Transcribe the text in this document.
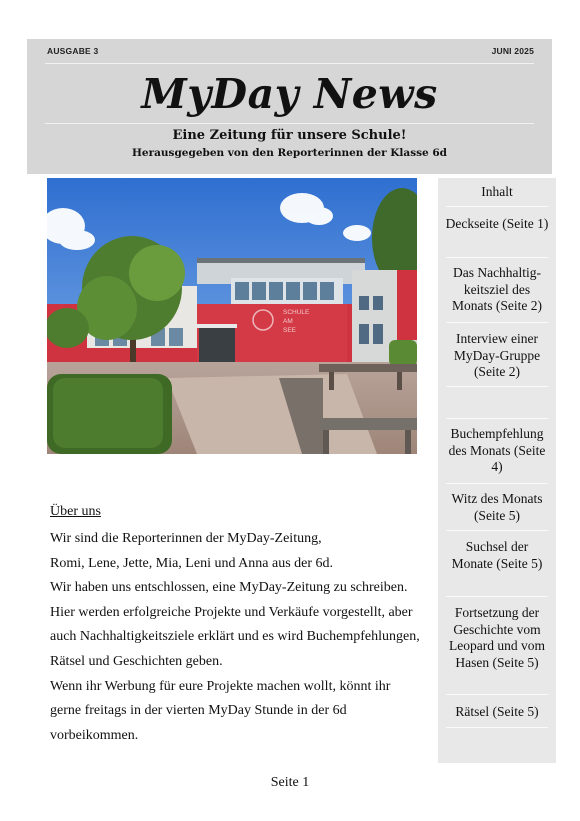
AUSGABE 3	JUNI 2025
MyDay News
Eine Zeitung für unsere Schule!
Herausgegeben von den Reporterinnen der Klasse 6d
SCHULE
AM
SEE
Inhalt
Deckseite (Seite 1)
Das Nachhaltig-keitsziel des Monats (Seite 2)
Interview einer MyDay-Gruppe (Seite 2)
Buchempfehlung des Monats (Seite 4)
Witz des Monats (Seite 5)
Suchsel der Monate (Seite 5)
Fortsetzung der Geschichte vom Leopard und vom Hasen (Seite 5)
Rätsel (Seite 5)
Über uns

Wir sind die Reporterinnen der MyDay-Zeitung,

Romi, Lene, Jette, Mia, Leni und Anna aus der 6d.

Wir haben uns entschlossen, eine MyDay-Zeitung zu schreiben.

Hier werden erfolgreiche Projekte und Verkäufe vorgestellt, aber auch Nachhaltigkeitsziele erklärt und es wird Buchempfehlungen, Rätsel und Geschichten geben.

Wenn ihr Werbung für eure Projekte machen wollt, könnt ihr gerne freitags in der vierten MyDay Stunde in der 6d vorbeikommen.

Seite 1
